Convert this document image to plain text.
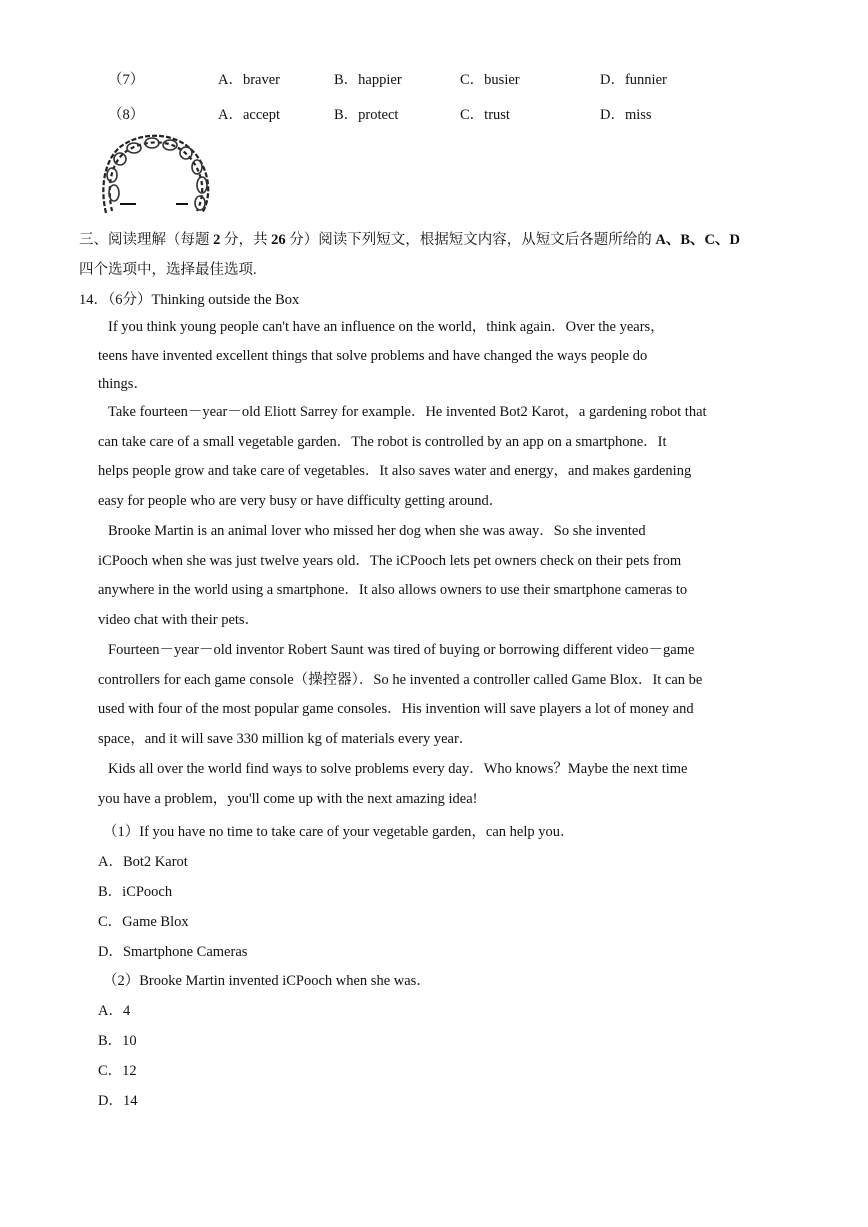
（7）	A．braver	B．happier	C．busier	D．funnier
（8）	A．accept	B．protect	C．trust	D．miss
三、阅读理解（每题 2 分，共 26 分）阅读下列短文，根据短文内容，从短文后各题所给的 A、B、C、D
四个选项中，选择最佳选项.
14．（6分）Thinking outside the Box
If you think young people can't have an influence on the world，think again．Over the years，
teens have invented excellent things that solve problems and have changed the ways people do
things．
Take fourteen－year－old Eliott Sarrey for example．He invented Bot2 Karot，a gardening robot that
can take care of a small vegetable garden．The robot is controlled by an app on a smartphone．It
helps people grow and take care of vegetables．It also saves water and energy，and makes gardening
easy for people who are very busy or have difficulty getting around．
Brooke Martin is an animal lover who missed her dog when she was away．So she invented
iCPooch when she was just twelve years old．The iCPooch lets pet owners check on their pets from
anywhere in the world using a smartphone．It also allows owners to use their smartphone cameras to
video chat with their pets．
Fourteen－year－old inventor Robert Saunt was tired of buying or borrowing different video－game
controllers for each game console（操控器）．So he invented a controller called Game Blox．It can be
used with four of the most popular game consoles．His invention will save players a lot of money and
space，and it will save 330 million kg of materials every year．
Kids all over the world find ways to solve problems every day．Who knows？Maybe the next time
you have a problem，you'll come up with the next amazing idea!
（1）If you have no time to take care of your vegetable garden，can help you．
A．Bot2 Karot
B．iCPooch
C．Game Blox
D．Smartphone Cameras
（2）Brooke Martin invented iCPooch when she was．
A．4
B．10
C．12
D．14
